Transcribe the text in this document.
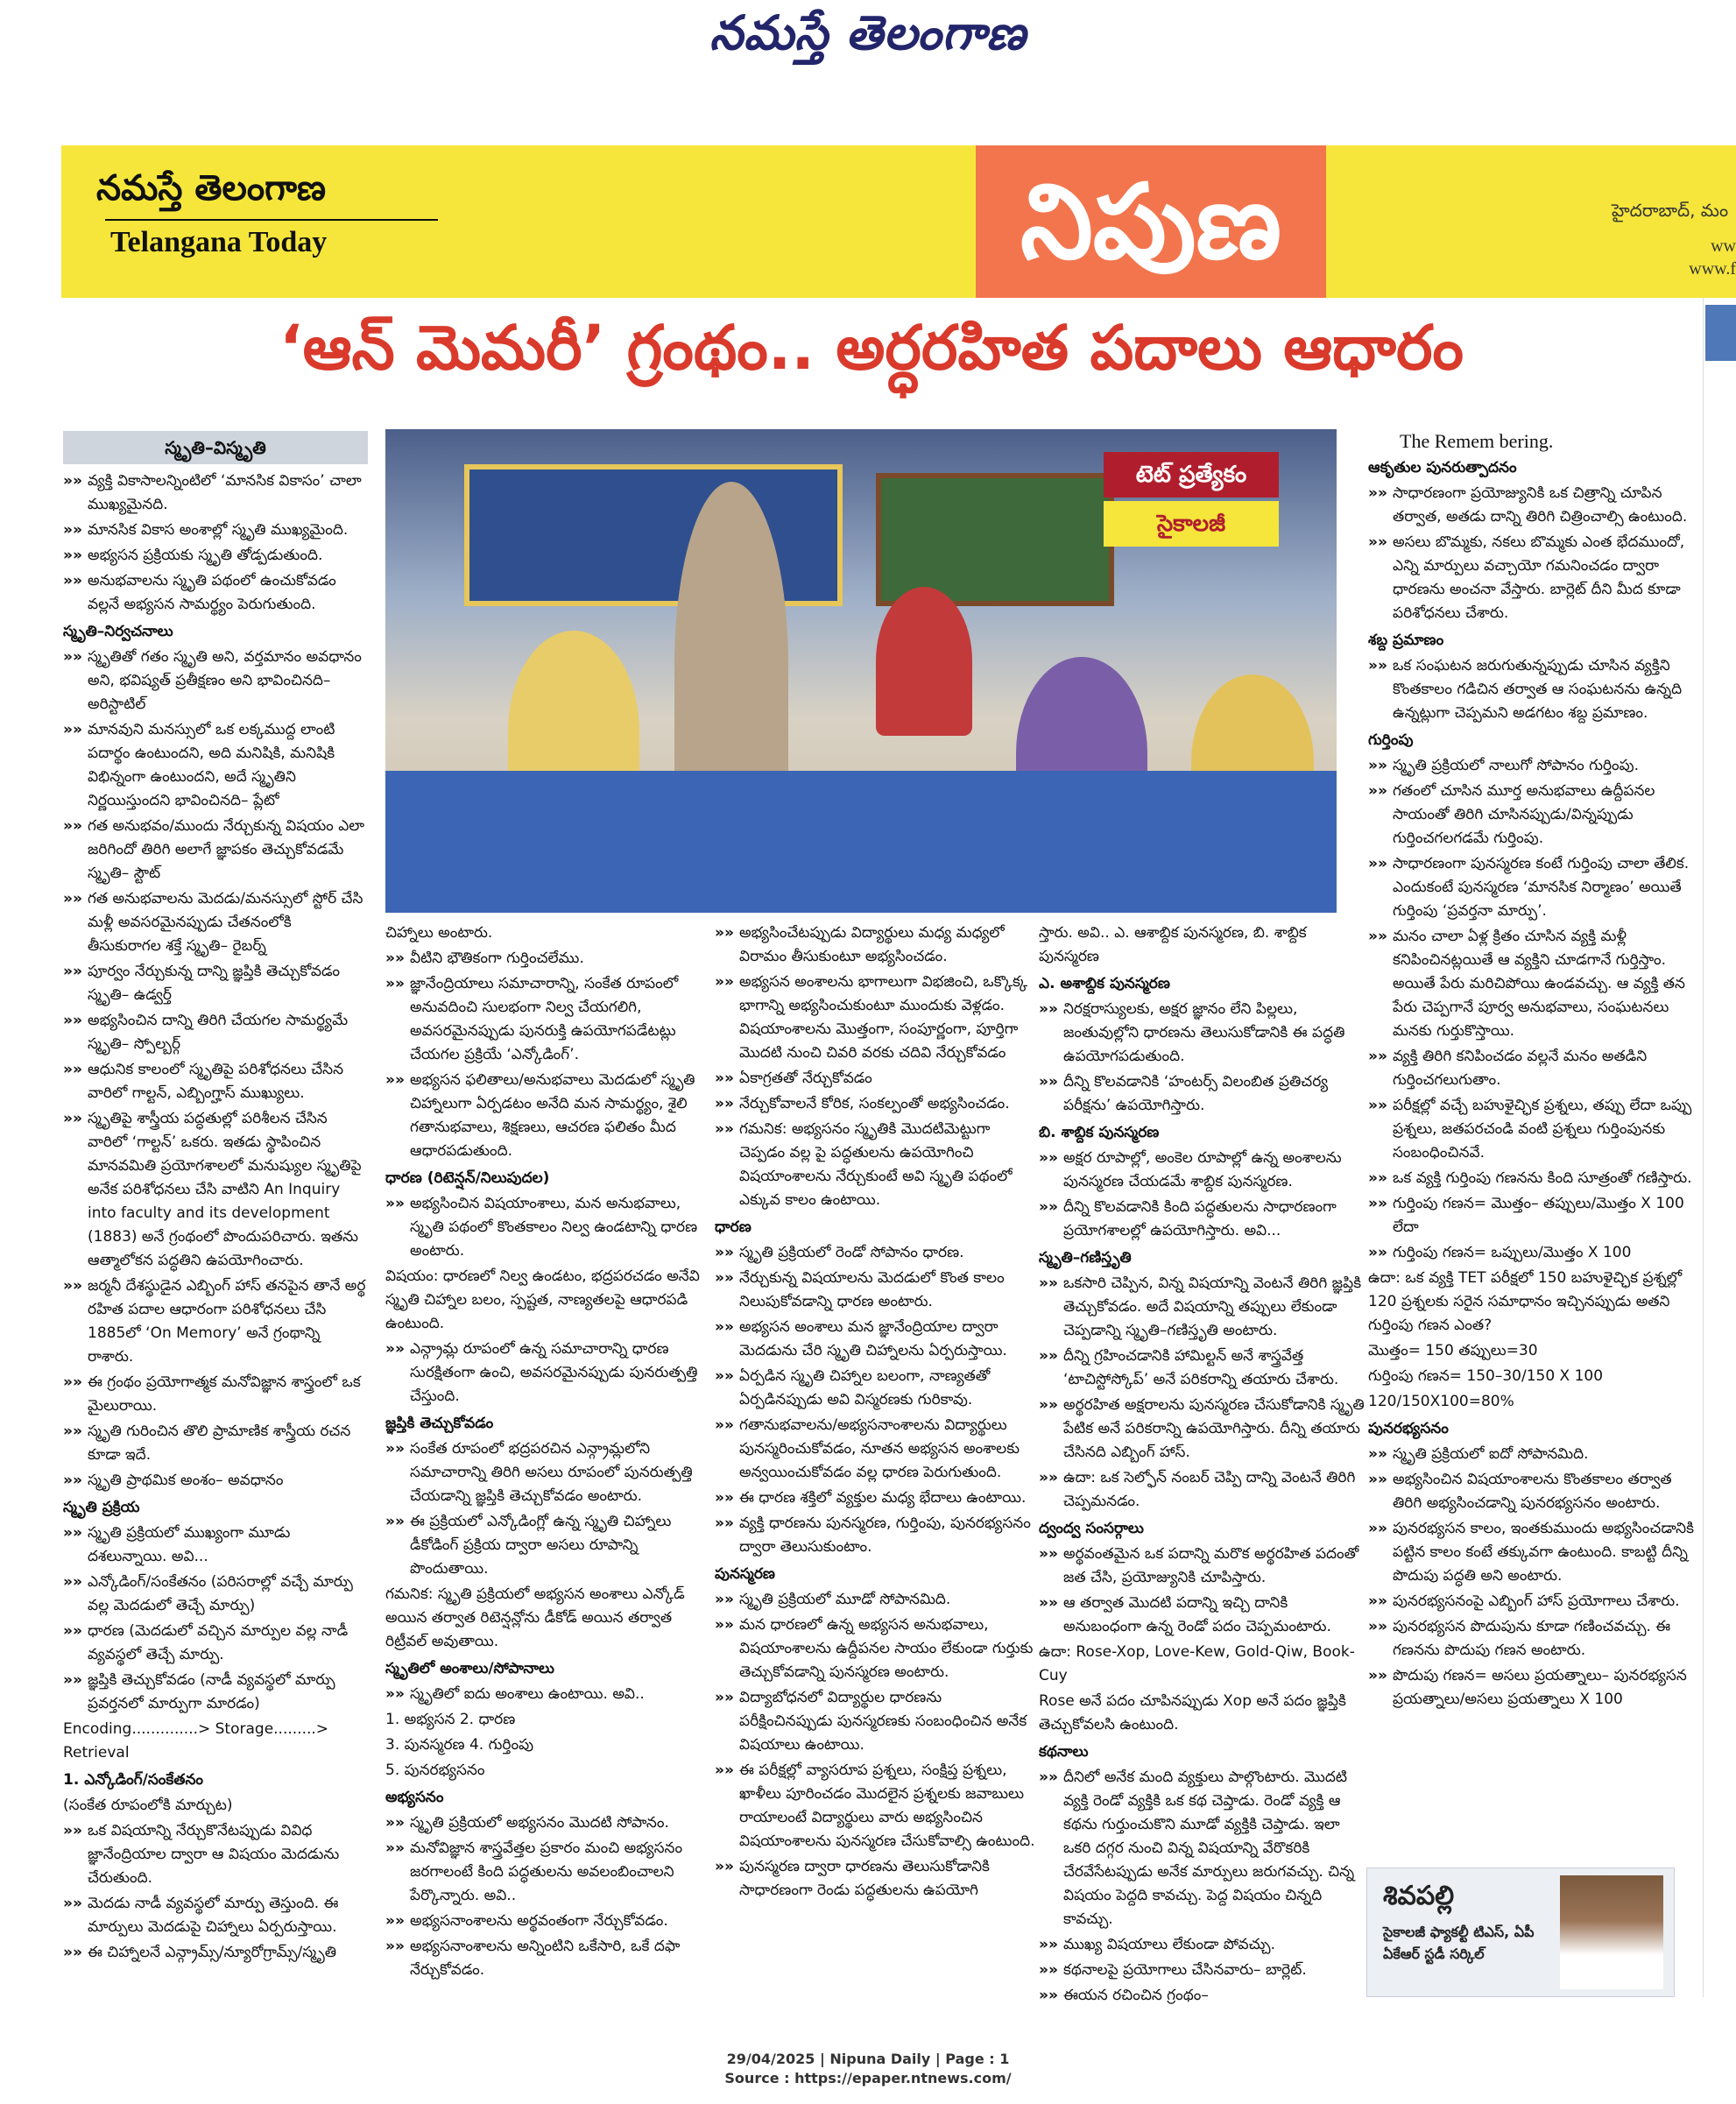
నమస్తే తెలంగాణ
నమస్తే తెలంగాణ
Telangana Today	నిపుణ	హైదరాబాద్, మం
ww
www.f
‘ఆన్ మెమరీ’ గ్రంథం.. అర్ధరహిత పదాలు ఆధారం
టెట్ ప్రత్యేకం
సైకాలజీ
స్మృతి–విస్మృతి

»» వ్యక్తి వికాసాలన్నింటిలో ‘మానసిక వికాసం’ చాలా ముఖ్యమైనది.

»» మానసిక వికాస అంశాల్లో స్మృతి ముఖ్యమైంది.

»» అభ్యసన ప్రక్రియకు స్మృతి తోడ్పడుతుంది.

»» అనుభవాలను స్మృతి పథంలో ఉంచుకోవడం వల్లనే అభ్యసన సామర్థ్యం పెరుగుతుంది.

స్మృతి–నిర్వచనాలు

»» స్మృతితో గతం స్మృతి అని, వర్తమానం అవధానం అని, భవిష్యత్ ప్రతీక్షణం అని భావించినది– అరిస్టాటిల్

»» మానవుని మనస్సులో ఒక లక్కముద్ద లాంటి పదార్థం ఉంటుందని, అది మనిషికి, మనిషికి విభిన్నంగా ఉంటుందని, అదే స్మృతిని నిర్ణయిస్తుందని భావించినది– ప్లేటో

»» గత అనుభవం/ముందు నేర్చుకున్న విషయం ఎలా జరిగిందో తిరిగి అలాగే జ్ఞాపకం తెచ్చుకోవడమే స్మృతి– స్టౌట్

»» గత అనుభవాలను మెదడు/మనస్సులో స్టోర్ చేసి మళ్లీ అవసరమైనప్పుడు చేతనంలోకి తీసుకురాగల శక్తే స్మృతి– రైబర్న్

»» పూర్వం నేర్చుకున్న దాన్ని జ్ఞప్తికి తెచ్చుకోవడం స్మృతి– ఉడ్వర్త్

»» అభ్యసించిన దాన్ని తిరిగి చేయగల సామర్థ్యమే స్మృతి– స్పోల్బర్గ్

»» ఆధునిక కాలంలో స్మృతిపై పరిశోధనలు చేసిన వారిలో గాల్టన్, ఎబ్బింగ్హాస్ ముఖ్యులు.

»» స్మృతిపై శాస్త్రీయ పద్ధతుల్లో పరిశీలన చేసిన వారిలో ‘గాల్టన్’ ఒకరు. ఇతడు స్థాపించిన మానవమితి ప్రయోగశాలలో మనుష్యుల స్మృతిపై అనేక పరిశోధనలు చేసి వాటిని An Inquiry into faculty and its development (1883) అనే గ్రంథంలో పొందుపరిచారు. ఇతను ఆత్మాలోకన పద్ధతిని ఉపయోగించారు.

»» జర్మనీ దేశస్థుడైన ఎబ్బింగ్ హాస్ తనపైన తానే అర్థ రహిత పదాల ఆధారంగా పరిశోధనలు చేసి 1885లో ‘On Memory’ అనే గ్రంథాన్ని రాశారు.

»» ఈ గ్రంథం ప్రయోగాత్మక మనోవిజ్ఞాన శాస్త్రంలో ఒక మైలురాయి.

»» స్మృతి గురించిన తొలి ప్రామాణిక శాస్త్రీయ రచన కూడా ఇదే.

»» స్మృతి ప్రాథమిక అంశం– అవధానం

స్మృతి ప్రక్రియ

»» స్మృతి ప్రక్రియలో ముఖ్యంగా మూడు దశలున్నాయి. అవి...

»» ఎన్కోడింగ్/సంకేతనం (పరిసరాల్లో వచ్చే మార్పు వల్ల మెదడులో తెచ్చే మార్పు)

»» ధారణ (మెదడులో వచ్చిన మార్పుల వల్ల నాడీ వ్యవస్థలో తెచ్చే మార్పు.

»» జ్ఞప్తికి తెచ్చుకోవడం (నాడీ వ్యవస్థలో మార్పు ప్రవర్తనలో మార్పుగా మారడం)

Encoding..............> Storage.........> Retrieval

1. ఎన్కోడింగ్/సంకేతనం

(సంకేత రూపంలోకి మార్చుట)

»» ఒక విషయాన్ని నేర్చుకొనేటప్పుడు వివిధ జ్ఞానేంద్రియాల ద్వారా ఆ విషయం మెదడును చేరుతుంది.

»» మెదడు నాడీ వ్యవస్థలో మార్పు తెస్తుంది. ఈ మార్పులు మెదడుపై చిహ్నాలు ఏర్పరుస్తాయి.

»» ఈ చిహ్నాలనే ఎన్గ్రామ్స్/న్యూరోగ్రామ్స్/స్మృతి

చిహ్నాలు అంటారు.

»» వీటిని భౌతికంగా గుర్తించలేము.

»» జ్ఞానేంద్రియాలు సమాచారాన్ని, సంకేత రూపంలో అనువదించి సులభంగా నిల్వ చేయగలిగి, అవసరమైనప్పుడు పునరుక్తి ఉపయోగపడేటట్లు చేయగల ప్రక్రియే ‘ఎన్కోడింగ్’.

»» అభ్యసన ఫలితాలు/అనుభవాలు మెదడులో స్మృతి చిహ్నాలుగా ఏర్పడటం అనేది మన సామర్థ్యం, శైలి గతానుభవాలు, శిక్షణలు, ఆచరణ ఫలితం మీద ఆధారపడుతుంది.

ధారణ (రిటెన్షన్/నిలుపుదల)

»» అభ్యసించిన విషయాంశాలు, మన అనుభవాలు, స్మృతి పథంలో కొంతకాలం నిల్వ ఉండటాన్ని ధారణ అంటారు.

విషయం: ధారణలో నిల్వ ఉండటం, భద్రపరచడం అనేవి స్మృతి చిహ్నాల బలం, స్పష్టత, నాణ్యతలపై ఆధారపడి ఉంటుంది.

»» ఎన్గ్రామ్ల రూపంలో ఉన్న సమాచారాన్ని ధారణ సురక్షితంగా ఉంచి, అవసరమైనప్పుడు పునరుత్పత్తి చేస్తుంది.

జ్ఞప్తికి తెచ్చుకోవడం

»» సంకేత రూపంలో భద్రపరచిన ఎన్గ్రామ్లలోని సమాచారాన్ని తిరిగి అసలు రూపంలో పునరుత్పత్తి చేయడాన్ని జ్ఞప్తికి తెచ్చుకోవడం అంటారు.

»» ఈ ప్రక్రియలో ఎన్కోడింగ్లో ఉన్న స్మృతి చిహ్నాలు డీకోడింగ్ ప్రక్రియ ద్వారా అసలు రూపాన్ని పొందుతాయి.

గమనిక: స్మృతి ప్రక్రియలో అభ్యసన అంశాలు ఎన్కోడ్ అయిన తర్వాత రిటెన్షన్లోను డీకోడ్ అయిన తర్వాత రిట్రీవల్ అవుతాయి.

స్మృతిలో అంశాలు/సోపానాలు

»» స్మృతిలో ఐదు అంశాలు ఉంటాయి. అవి..

1. అభ్యసన 2. ధారణ

3. పునస్మరణ 4. గుర్తింపు

5. పునరభ్యసనం

అభ్యసనం

»» స్మృతి ప్రక్రియలో అభ్యసనం మొదటి సోపానం.

»» మనోవిజ్ఞాన శాస్త్రవేత్తల ప్రకారం మంచి అభ్యసనం జరగాలంటే కింది పద్ధతులను అవలంబించాలని పేర్కొన్నారు. అవి..

»» అభ్యసనాంశాలను అర్థవంతంగా నేర్చుకోవడం.

»» అభ్యసనాంశాలను అన్నింటిని ఒకేసారి, ఒకే దఫా నేర్చుకోవడం.

»» అభ్యసించేటప్పుడు విద్యార్థులు మధ్య మధ్యలో విరామం తీసుకుంటూ అభ్యసించడం.

»» అభ్యసన అంశాలను భాగాలుగా విభజించి, ఒక్కొక్క భాగాన్ని అభ్యసించుకుంటూ ముందుకు వెళ్లడం. విషయాంశాలను మొత్తంగా, సంపూర్ణంగా, పూర్తిగా మొదటి నుంచి చివరి వరకు చదివి నేర్చుకోవడం

»» ఏకాగ్రతతో నేర్చుకోవడం

»» నేర్చుకోవాలనే కోరిక, సంకల్పంతో అభ్యసించడం.

»» గమనిక: అభ్యసనం స్మృతికి మొదటిమెట్టుగా చెప్పడం వల్ల పై పద్ధతులను ఉపయోగించి విషయాంశాలను నేర్చుకుంటే అవి స్మృతి పథంలో ఎక్కువ కాలం ఉంటాయి.

ధారణ

»» స్మృతి ప్రక్రియలో రెండో సోపానం ధారణ.

»» నేర్చుకున్న విషయాలను మెదడులో కొంత కాలం నిలుపుకోవడాన్ని ధారణ అంటారు.

»» అభ్యసన అంశాలు మన జ్ఞానేంద్రియాల ద్వారా మెదడును చేరి స్మృతి చిహ్నాలను ఏర్పరుస్తాయి.

»» ఏర్పడిన స్మృతి చిహ్నాల బలంగా, నాణ్యతతో ఏర్పడినప్పుడు అవి విస్మరణకు గురికావు.

»» గతానుభవాలను/అభ్యసనాంశాలను విద్యార్థులు పునస్మరించుకోవడం, నూతన అభ్యసన అంశాలకు అన్వయించుకోవడం వల్ల ధారణ పెరుగుతుంది.

»» ఈ ధారణ శక్తిలో వ్యక్తుల మధ్య భేదాలు ఉంటాయి.

»» వ్యక్తి ధారణను పునస్మరణ, గుర్తింపు, పునరభ్యసనం ద్వారా తెలుసుకుంటాం.

పునస్మరణ

»» స్మృతి ప్రక్రియలో మూడో సోపానమిది.

»» మన ధారణలో ఉన్న అభ్యసన అనుభవాలు, విషయాంశాలను ఉద్దీపనల సాయం లేకుండా గుర్తుకు తెచ్చుకోవడాన్ని పునస్మరణ అంటారు.

»» విద్యాబోధనలో విద్యార్థుల ధారణను పరీక్షించినప్పుడు పునస్మరణకు సంబంధించిన అనేక విషయాలు ఉంటాయి.

»» ఈ పరీక్షల్లో వ్యాసరూప ప్రశ్నలు, సంక్షిప్త ప్రశ్నలు, ఖాళీలు పూరించడం మొదలైన ప్రశ్నలకు జవాబులు రాయాలంటే విద్యార్థులు వారు అభ్యసించిన విషయాంశాలను పునస్మరణ చేసుకోవాల్సి ఉంటుంది.

»» పునస్మరణ ద్వారా ధారణను తెలుసుకోడానికి సాధారణంగా రెండు పద్ధతులను ఉపయోగి

స్తారు. అవి.. ఎ. ఆశాబ్దిక పునస్మరణ, బి. శాబ్దిక పునస్మరణ

ఎ. అశాబ్దిక పునస్మరణ

»» నిరక్షరాస్యులకు, అక్షర జ్ఞానం లేని పిల్లలు, జంతువుల్లోని ధారణను తెలుసుకోడానికి ఈ పద్ధతి ఉపయోగపడుతుంది.

»» దీన్ని కొలవడానికి ‘హంటర్స్ విలంబిత ప్రతిచర్య పరీక్షను’ ఉపయోగిస్తారు.

బి. శాబ్దిక పునస్మరణ

»» అక్షర రూపాల్లో, అంకెల రూపాల్లో ఉన్న అంశాలను పునస్మరణ చేయడమే శాబ్దిక పునస్మరణ.

»» దీన్ని కొలవడానికి కింది పద్ధతులను సాధారణంగా ప్రయోగశాలల్లో ఉపయోగిస్తారు. అవి...

స్మృతి–గణిస్తృతి

»» ఒకసారి చెప్పిన, విన్న విషయాన్ని వెంటనే తిరిగి జ్ఞప్తికి తెచ్చుకోవడం. అదే విషయాన్ని తప్పులు లేకుండా చెప్పడాన్ని స్మృతి–గణిస్తృతి అంటారు.

»» దీన్ని గ్రహించడానికి హామిల్టన్ అనే శాస్త్రవేత్త ‘టాచిస్టోస్కోప్’ అనే పరికరాన్ని తయారు చేశారు.

»» అర్థరహిత అక్షరాలను పునస్మరణ చేసుకోడానికి స్మృతి పేటిక అనే పరికరాన్ని ఉపయోగిస్తారు. దీన్ని తయారు చేసినది ఎబ్బింగ్ హాస్.

»» ఉదా: ఒక సెల్ఫోన్ నంబర్ చెప్పి దాన్ని వెంటనే తిరిగి చెప్పమనడం.

ద్వంద్వ సంసర్గాలు

»» అర్థవంతమైన ఒక పదాన్ని మరొక అర్థరహిత పదంతో జత చేసి, ప్రయోజ్యునికి చూపిస్తారు.

»» ఆ తర్వాత మొదటి పదాన్ని ఇచ్చి దానికి అనుబంధంగా ఉన్న రెండో పదం చెప్పమంటారు.

ఉదా: Rose-Xop, Love-Kew, Gold-Qiw, Book-Cuy

Rose అనే పదం చూపినప్పుడు Xop అనే పదం జ్ఞప్తికి తెచ్చుకోవలసి ఉంటుంది.

కథనాలు

»» దీనిలో అనేక మంది వ్యక్తులు పాల్గొంటారు. మొదటి వ్యక్తి రెండో వ్యక్తికి ఒక కథ చెప్తాడు. రెండో వ్యక్తి ఆ కథను గుర్తుంచుకొని మూడో వ్యక్తికి చెప్తాడు. ఇలా ఒకరి దగ్గర నుంచి విన్న విషయాన్ని వేరొకరికి చేరవేసేటప్పుడు అనేక మార్పులు జరుగవచ్చు. చిన్న విషయం పెద్దది కావచ్చు. పెద్ద విషయం చిన్నది కావచ్చు.

»» ముఖ్య విషయాలు లేకుండా పోవచ్చు.

»» కథనాలపై ప్రయోగాలు చేసినవారు– బార్లెట్.

»» ఈయన రచించిన గ్రంథం–

The Remem bering.

ఆకృతుల పునరుత్పాదనం

»» సాధారణంగా ప్రయోజ్యునికి ఒక చిత్రాన్ని చూపిన తర్వాత, అతడు దాన్ని తిరిగి చిత్రించాల్సి ఉంటుంది.

»» అసలు బొమ్మకు, నకలు బొమ్మకు ఎంత భేదముందో, ఎన్ని మార్పులు వచ్చాయో గమనించడం ద్వారా ధారణను అంచనా వేస్తారు. బార్లెట్ దీని మీద కూడా పరిశోధనలు చేశారు.

శబ్ద ప్రమాణం

»» ఒక సంఘటన జరుగుతున్నప్పుడు చూసిన వ్యక్తిని కొంతకాలం గడిచిన తర్వాత ఆ సంఘటనను ఉన్నది ఉన్నట్లుగా చెప్పమని అడగటం శబ్ద ప్రమాణం.

గుర్తింపు

»» స్మృతి ప్రక్రియలో నాలుగో సోపానం గుర్తింపు.

»» గతంలో చూసిన మూర్త అనుభవాలు ఉద్దీపనల సాయంతో తిరిగి చూసినప్పుడు/విన్నప్పుడు గుర్తించగలగడమే గుర్తింపు.

»» సాధారణంగా పునస్మరణ కంటే గుర్తింపు చాలా తేలిక. ఎందుకంటే పునస్మరణ ‘మానసిక నిర్మాణం’ అయితే గుర్తింపు ‘ప్రవర్తనా మార్పు’.

»» మనం చాలా ఏళ్ల క్రితం చూసిన వ్యక్తి మళ్లీ కనిపించినట్లయితే ఆ వ్యక్తిని చూడగానే గుర్తిస్తాం. అయితే పేరు మరిచిపోయి ఉండవచ్చు. ఆ వ్యక్తి తన పేరు చెప్పగానే పూర్వ అనుభవాలు, సంఘటనలు మనకు గుర్తుకొస్తాయి.

»» వ్యక్తి తిరిగి కనిపించడం వల్లనే మనం అతడిని గుర్తించగలుగుతాం.

»» పరీక్షల్లో వచ్చే బహుళైచ్ఛిక ప్రశ్నలు, తప్పు లేదా ఒప్పు ప్రశ్నలు, జతపరచండి వంటి ప్రశ్నలు గుర్తింపునకు సంబంధించినవే.

»» ఒక వ్యక్తి గుర్తింపు గణనను కింది సూత్రంతో గణిస్తారు.

»» గుర్తింపు గణన= మొత్తం– తప్పులు/మొత్తం X 100 లేదా

»» గుర్తింపు గణన= ఒప్పులు/మొత్తం X 100

ఉదా: ఒక వ్యక్తి TET పరీక్షలో 150 బహుళైచ్ఛిక ప్రశ్నల్లో 120 ప్రశ్నలకు సరైన సమాధానం ఇచ్చినప్పుడు అతని గుర్తింపు గణన ఎంత?

మొత్తం= 150 తప్పులు=30

గుర్తింపు గణన= 150–30/150 X 100

120/150X100=80%

పునరభ్యసనం

»» స్మృతి ప్రక్రియలో ఐదో సోపానమిది.

»» అభ్యసించిన విషయాంశాలను కొంతకాలం తర్వాత తిరిగి అభ్యసించడాన్ని పునరభ్యసనం అంటారు.

»» పునరభ్యసన కాలం, ఇంతకుముందు అభ్యసించడానికి పట్టిన కాలం కంటే తక్కువగా ఉంటుంది. కాబట్టి దీన్ని పొదుపు పద్ధతి అని అంటారు.

»» పునరభ్యసనంపై ఎబ్బింగ్ హాస్ ప్రయోగాలు చేశారు.

»» పునరభ్యసన పొదుపును కూడా గణించవచ్చు. ఈ గణనను పొదుపు గణన అంటారు.

»» పొదుపు గణన= అసలు ప్రయత్నాలు– పునరభ్యసన ప్రయత్నాలు/అసలు ప్రయత్నాలు X 100

శివపల్లి
సైకాలజీ ఫ్యాకల్టీ టిఎస్, ఏపీ ఏకేఆర్ స్టడీ సర్కిల్
29/04/2025 | Nipuna Daily | Page : 1
Source : https://epaper.ntnews.com/
